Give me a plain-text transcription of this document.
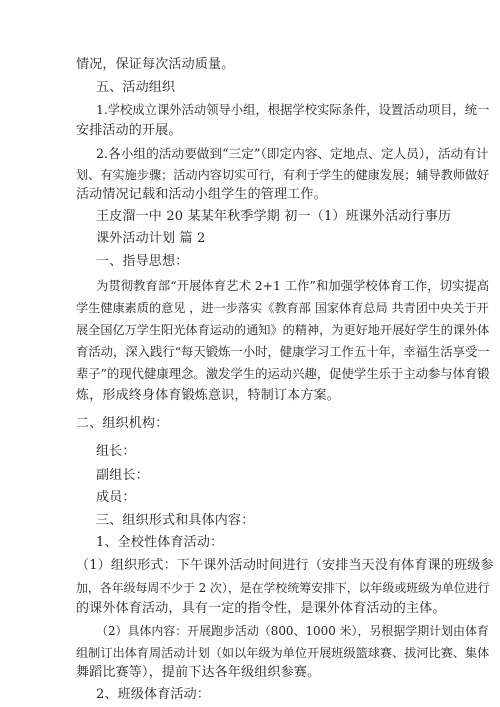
情况，保证每次活动质量。
五、活动组织
1.学校成立课外活动领导小组，根据学校实际条件，设置活动项目，统一
安排活动的开展。
2.各小组的活动要做到“三定”（即定内容、定地点、定人员），活动有计
划、有实施步骤；活动内容切实可行，有利于学生的健康发展；辅导教师做好
活动情况记载和活动小组学生的管理工作。
王皮溜一中 20 某某年秋季学期 初一（1）班课外活动行事历
课外活动计划 篇 2
一、指导思想：
为贯彻教育部“开展体育艺术 2+1 工作”和加强学校体育工作，切实提高
学生健康素质的意见 ，进一步落实《教育部 国家体育总局 共青团中央关于开
展全国亿万学生阳光体育运动的通知》的精神，为更好地开展好学生的课外体
育活动，深入践行“每天锻炼一小时，健康学习工作五十年，幸福生活享受一
辈子”的现代健康理念。激发学生的运动兴趣，促使学生乐于主动参与体育锻
炼，形成终身体育锻炼意识，特制订本方案。
二、组织机构：
组长：
副组长：
成员：
三、组织形式和具体内容：
1、全校性体育活动：
（1）组织形式：下午课外活动时间进行（安排当天没有体育课的班级参
加，各年级每周不少于 2 次），是在学校统筹安排下，以年级或班级为单位进行
的课外体育活动，具有一定的指令性，是课外体育活动的主体。
（2）具体内容：开展跑步活动（800、1000 米），另根据学期计划由体育
组制订出体育周活动计划（如以年级为单位开展班级篮球赛、拔河比赛、集体
舞蹈比赛等），提前下达各年级组织参赛。
2、班级体育活动：
